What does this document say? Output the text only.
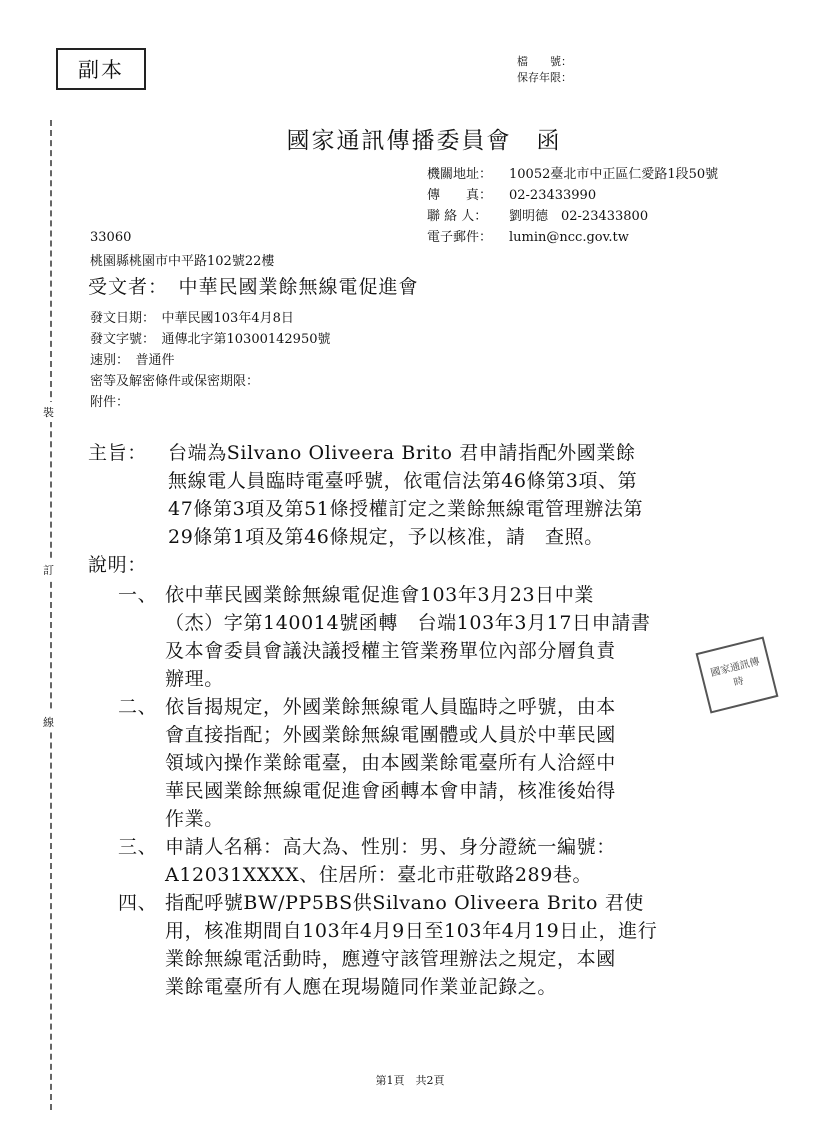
裝
訂
線
副本	檔　　號：
保存年限：
國家通訊傳播委員會　函
機關地址：	10052臺北市中正區仁愛路1段50號
傳　　真：	02-23433990
聯 絡 人：	劉明德　02-23433800
電子郵件：	lumin@ncc.gov.tw
33060
桃園縣桃園市中平路102號22樓
受文者：　中華民國業餘無線電促進會
發文日期：　中華民國103年4月8日
發文字號：　通傳北字第10300142950號
速別：　普通件
密等及解密條件或保密期限：
附件：
主旨： 台端為Silvano Oliveera Brito 君申請指配外國業餘
無線電人員臨時電臺呼號，依電信法第46條第3項、第
47條第3項及第51條授權訂定之業餘無線電管理辦法第
29條第1項及第46條規定，予以核准，請　查照。
說明：
一、 依中華民國業餘無線電促進會103年3月23日中業
（杰）字第140014號函轉　台端103年3月17日申請書
及本會委員會議決議授權主管業務單位內部分層負責
辦理。
二、 依旨揭規定，外國業餘無線電人員臨時之呼號，由本
會直接指配；外國業餘無線電團體或人員於中華民國
領域內操作業餘電臺，由本國業餘電臺所有人洽經中
華民國業餘無線電促進會函轉本會申請，核准後始得
作業。
三、 申請人名稱：高大為、性別：男、身分證統一編號：
A12031XXXX、住居所：臺北市莊敬路289巷。
四、 指配呼號BW/PP5BS供Silvano Oliveera Brito 君使
用，核准期間自103年4月9日至103年4月19日止，進行
業餘無線電活動時，應遵守該管理辦法之規定，本國
業餘電臺所有人應在現場隨同作業並記錄之。
國家通訊傳
時
第1頁　共2頁
